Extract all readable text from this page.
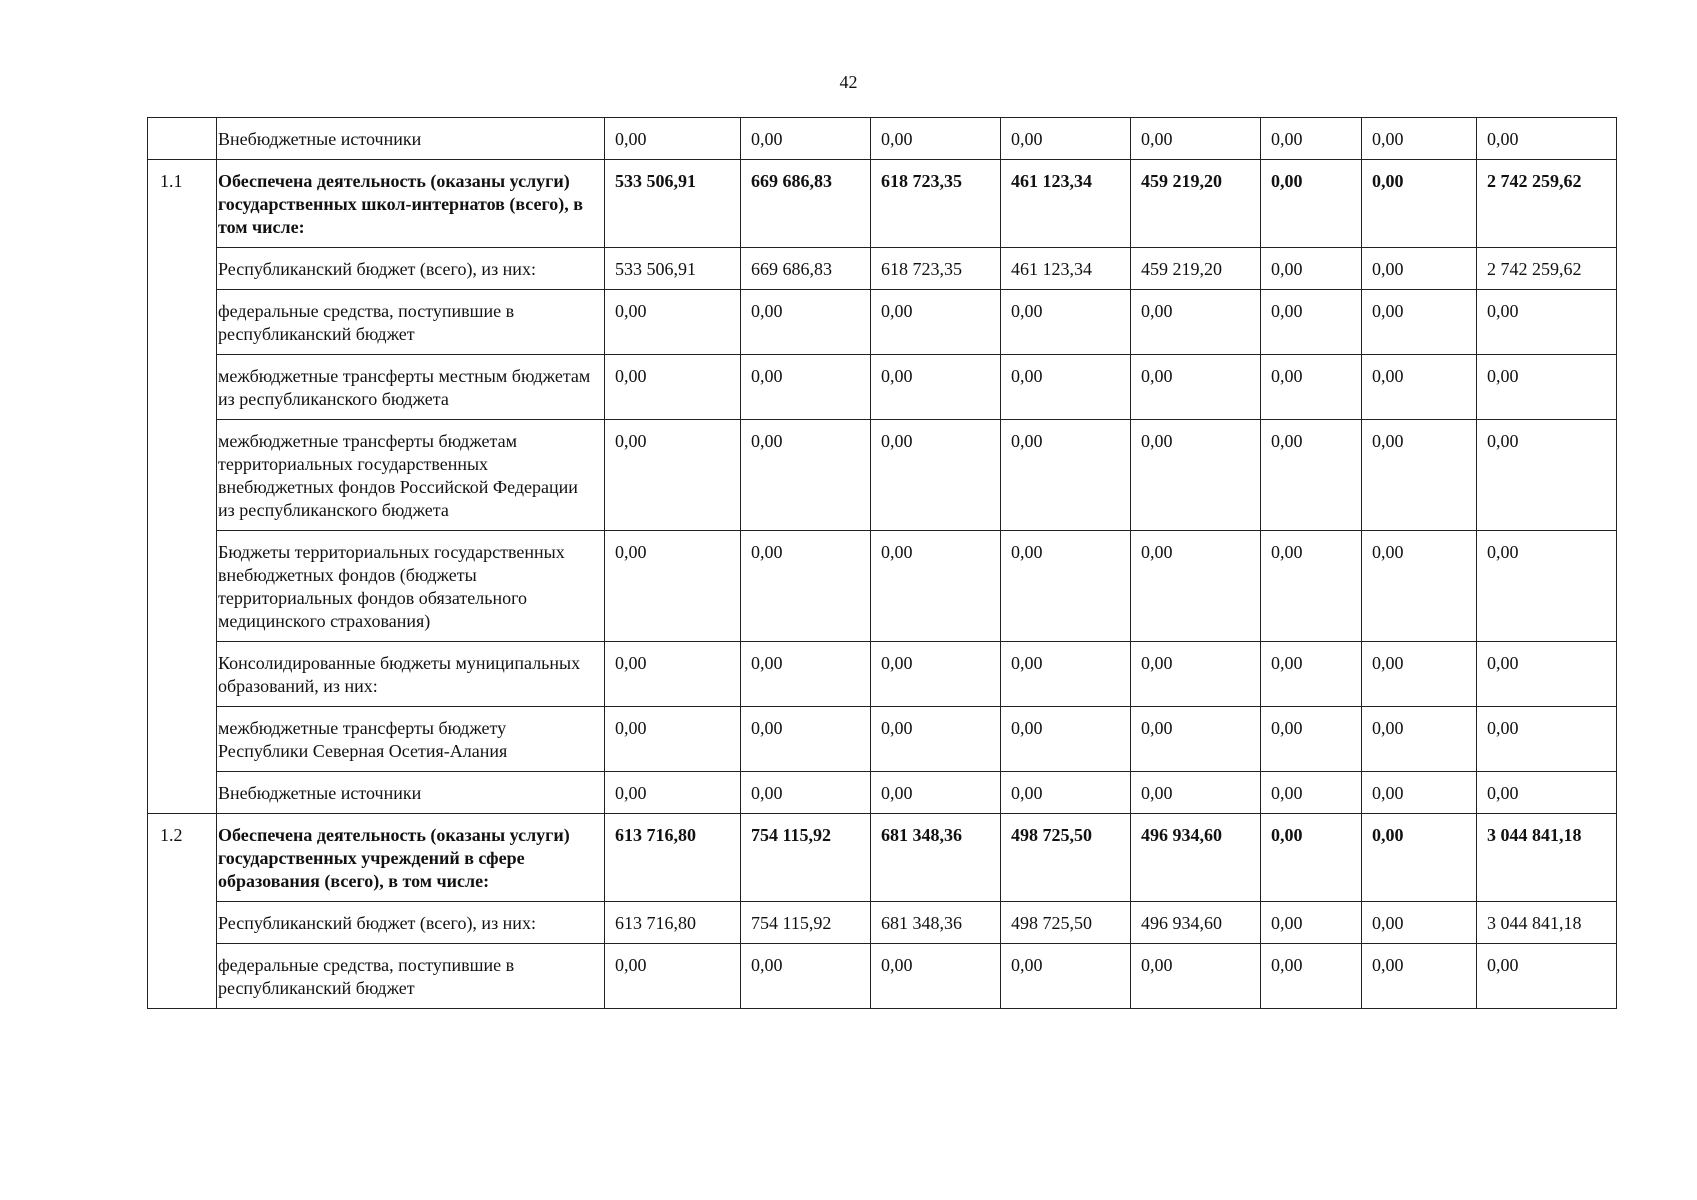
42
	Внебюджетные источники	0,00	0,00	0,00	0,00	0,00	0,00	0,00	0,00
1.1	Обеспечена деятельность (оказаны услуги) государственных школ-интернатов (всего), в том числе:	533 506,91	669 686,83	618 723,35	461 123,34	459 219,20	0,00	0,00	2 742 259,62
	Республиканский бюджет (всего), из них:	533 506,91	669 686,83	618 723,35	461 123,34	459 219,20	0,00	0,00	2 742 259,62
	федеральные средства, поступившие в республиканский бюджет	0,00	0,00	0,00	0,00	0,00	0,00	0,00	0,00
	межбюджетные трансферты местным бюджетам из республиканского бюджета	0,00	0,00	0,00	0,00	0,00	0,00	0,00	0,00
	межбюджетные трансферты бюджетам территориальных государственных внебюджетных фондов Российской Федерации из республиканского бюджета	0,00	0,00	0,00	0,00	0,00	0,00	0,00	0,00
	Бюджеты территориальных государственных внебюджетных фондов (бюджеты территориальных фондов обязательного медицинского страхования)	0,00	0,00	0,00	0,00	0,00	0,00	0,00	0,00
	Консолидированные бюджеты муниципальных образований, из них:	0,00	0,00	0,00	0,00	0,00	0,00	0,00	0,00
	межбюджетные трансферты бюджету Республики Северная Осетия-Алания	0,00	0,00	0,00	0,00	0,00	0,00	0,00	0,00
	Внебюджетные источники	0,00	0,00	0,00	0,00	0,00	0,00	0,00	0,00
1.2	Обеспечена деятельность (оказаны услуги) государственных учреждений в сфере образования (всего), в том числе:	613 716,80	754 115,92	681 348,36	498 725,50	496 934,60	0,00	0,00	3 044 841,18
	Республиканский бюджет (всего), из них:	613 716,80	754 115,92	681 348,36	498 725,50	496 934,60	0,00	0,00	3 044 841,18
	федеральные средства, поступившие в республиканский бюджет	0,00	0,00	0,00	0,00	0,00	0,00	0,00	0,00
